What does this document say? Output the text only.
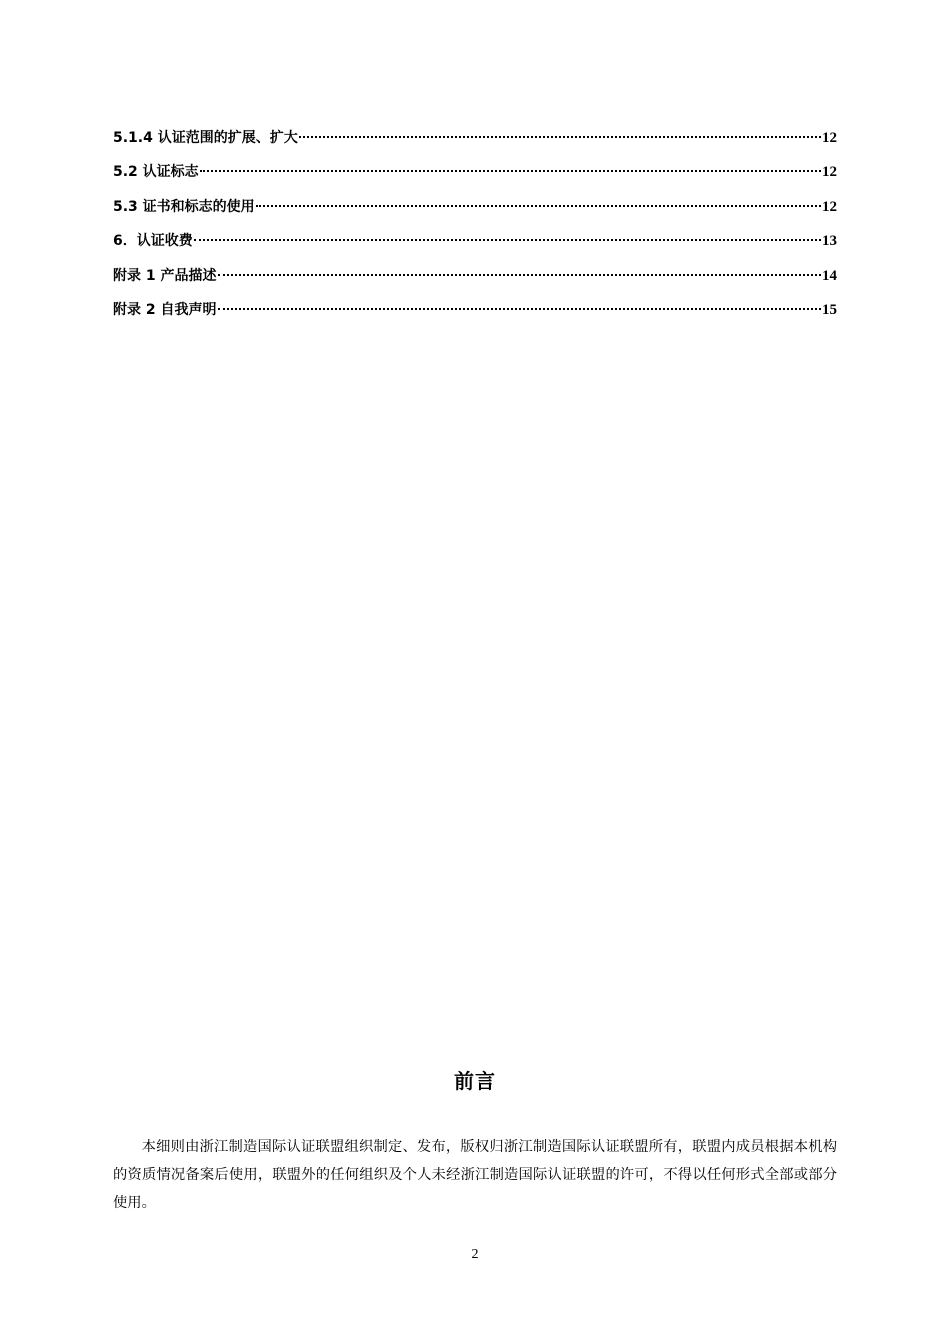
5.1.4 认证范围的扩展、扩大	12
5.2 认证标志	12
5.3 证书和标志的使用	12
6．认证收费	13
附录 1 产品描述	14
附录 2 自我声明	15
前言
本细则由浙江制造国际认证联盟组织制定、发布，版权归浙江制造国际认证联盟所有，联盟内成员根据本机构的资质情况备案后使用，联盟外的任何组织及个人未经浙江制造国际认证联盟的许可，不得以任何形式全部或部分使用。
2
